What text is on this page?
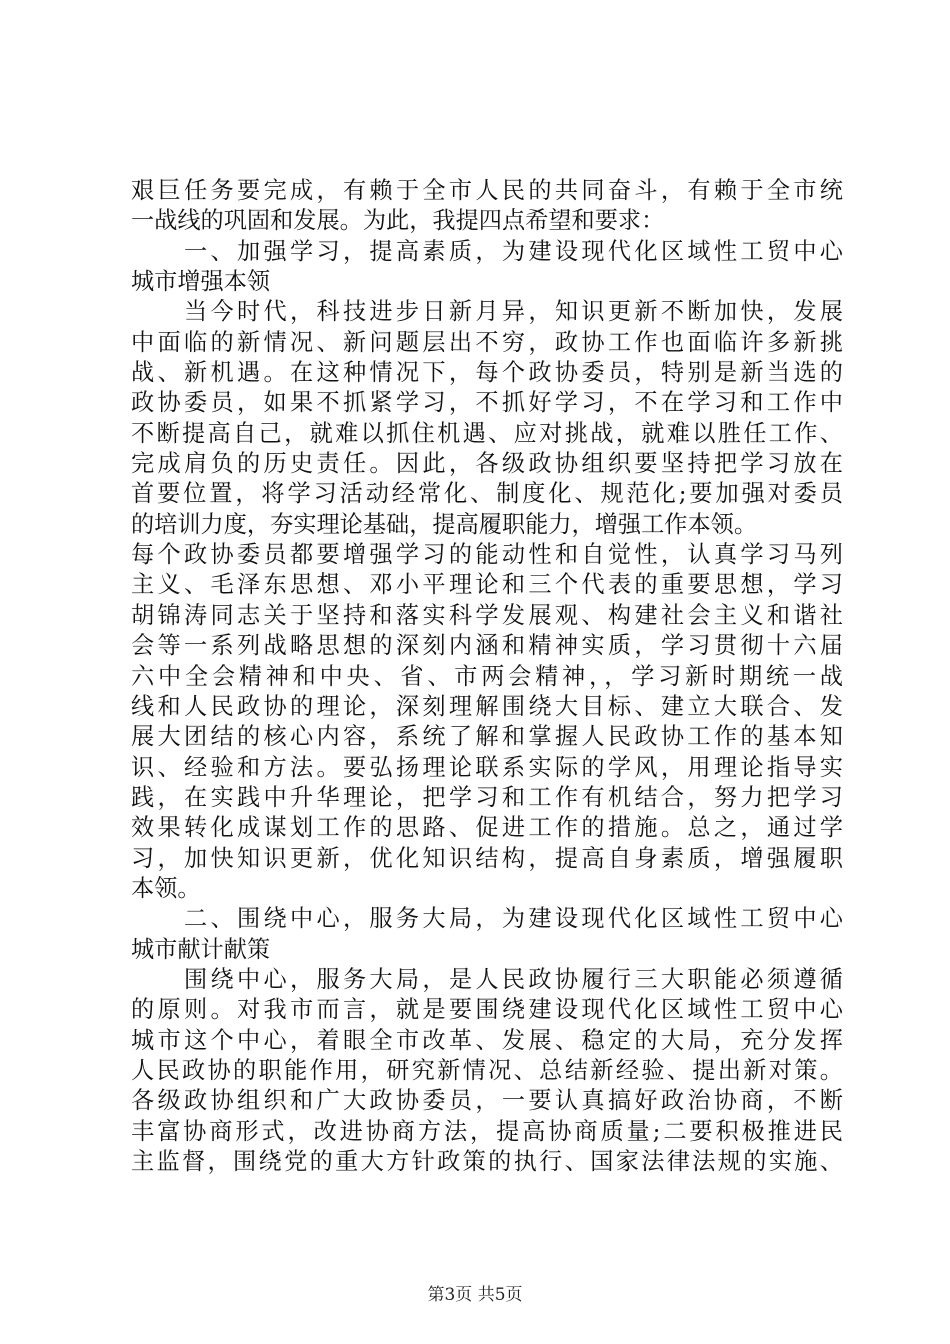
艰巨任务要完成，有赖于全市人民的共同奋斗，有赖于全市统
一战线的巩固和发展。为此，我提四点希望和要求：
　　一、加强学习，提高素质，为建设现代化区域性工贸中心
城市增强本领
　　当今时代，科技进步日新月异，知识更新不断加快，发展
中面临的新情况、新问题层出不穷，政协工作也面临许多新挑
战、新机遇。在这种情况下，每个政协委员，特别是新当选的
政协委员，如果不抓紧学习，不抓好学习，不在学习和工作中
不断提高自己，就难以抓住机遇、应对挑战，就难以胜任工作、
完成肩负的历史责任。因此，各级政协组织要坚持把学习放在
首要位置，将学习活动经常化、制度化、规范化;要加强对委员
的培训力度，夯实理论基础，提高履职能力，增强工作本领。
每个政协委员都要增强学习的能动性和自觉性，认真学习马列
主义、毛泽东思想、邓小平理论和三个代表的重要思想，学习
胡锦涛同志关于坚持和落实科学发展观、构建社会主义和谐社
会等一系列战略思想的深刻内涵和精神实质，学习贯彻十六届
六中全会精神和中央、省、市两会精神，，学习新时期统一战
线和人民政协的理论，深刻理解围绕大目标、建立大联合、发
展大团结的核心内容，系统了解和掌握人民政协工作的基本知
识、经验和方法。要弘扬理论联系实际的学风，用理论指导实
践，在实践中升华理论，把学习和工作有机结合，努力把学习
效果转化成谋划工作的思路、促进工作的措施。总之，通过学
习，加快知识更新，优化知识结构，提高自身素质，增强履职
本领。
　　二、围绕中心，服务大局，为建设现代化区域性工贸中心
城市献计献策
　　围绕中心，服务大局，是人民政协履行三大职能必须遵循
的原则。对我市而言，就是要围绕建设现代化区域性工贸中心
城市这个中心，着眼全市改革、发展、稳定的大局，充分发挥
人民政协的职能作用，研究新情况、总结新经验、提出新对策。
各级政协组织和广大政协委员，一要认真搞好政治协商，不断
丰富协商形式，改进协商方法，提高协商质量;二要积极推进民
主监督，围绕党的重大方针政策的执行、国家法律法规的实施、
第3页 共5页
